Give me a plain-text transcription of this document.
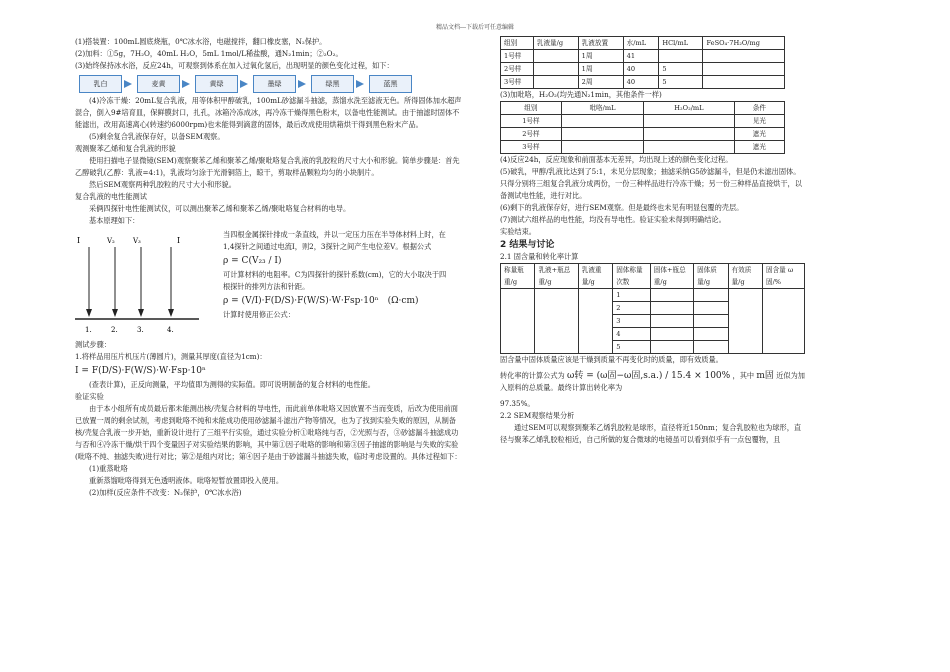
精品文档---下载后可任意编辑

(1)搭装置：100mL圆底烧瓶，0℃冰水浴，电磁搅拌，翻口橡皮塞，N₂保护。

(2)加料：①5g，7H₂O，40mL H₂O，5mL 1mol/L稀盐酸，通N₂1min；②₂O₂。

(3)始终保持冰水浴，反应24h，可观察到体系在加入过氧化氢后，出现明显的颜色变化过程，如下：

乳白	麦黄	黄绿	墨绿	绿黑	蓝黑

(4)冷冻干燥：20mL复合乳液，用等体积甲醇破乳，100mL砂滤漏斗抽滤，蒸馏水洗至滤液无色。所得固体加水超声混合，倒入9#培育皿，保鲜膜封口，扎孔，冰箱冷冻成冰，再冷冻干燥得黑色粉末，以备电性能测试。由于抽滤时固体不能滤出，改用高速离心(转速约6000rpm)也未能得到滴意的固体，最后改成使用烘箱烘干得到黑色粉末产品。

(5)剩余复合乳液保存好，以备SEM观察。

观测聚苯乙烯和复合乳液的形貌

使用扫描电子显微镜(SEM)观察聚苯乙烯和聚苯乙烯/聚吡咯复合乳液的乳胶粒的尺寸大小和形貌。简单步骤是：首先乙醇破乳(乙醇：乳液=4:1)，乳液均匀涂于光滑铜箔上，晾干，剪取样品颗粒均匀的小块制片。

然后SEM观察两种乳胶粒的尺寸大小和形貌。

复合乳液的电性能测试

采俩四探针电性能测试仪，可以测出聚苯乙烯和聚苯乙烯/聚吡咯复合材料的电导。

基本原理如下：

I	V₂	V₃	I
1.	2.	3.	4.

当四根金属探针排成一条直线，并以一定压力压在半导体材料上时，在1,4探针之间通过电流I，则2，3探针之间产生电位差V。根据公式

ρ = C(V₂₃ / I)

可计算材料的电阻率。C为四探针的探针系数(cm)，它的大小取决于四根探针的排列方法和针距。

ρ = (V/I)·F(D/S)·F(W/S)·W·Fsp·10ⁿ　(Ω·cm)

计算时使用修正公式：

测试步骤：

1.将样品用压片机压片(薄圆片)，测量其厚度(直径为1cm)：

I = F(D/S)·F(W/S)·W·Fsp·10ⁿ

(查表计算)，正反向测量，平均值即为测得的实际值。即可说明制备的复合材料的电性能。

验证实验

由于本小组所有成员最后都未能测出核/壳复合材料的导电性，而此前单体吡咯又因放置不当而变质，后改为使用前面已放置一周的剩余试剂，考虑到吡咯不纯和未能成功使用砂滤漏斗滤出产物等情况，也为了找到实验失败的原因，从制备核/壳复合乳液一步开始，重新设计进行了三组平行实验，通过实验分析①吡咯纯与否，②光照与否，③砂滤漏斗抽滤成功与否和④冷冻干燥/烘干四个变量因子对实验结果的影响，其中第①因子吡咯的影响和第③因子抽滤的影响是与失败的实验(吡咯不纯、抽滤失败)进行对比；第②是组内对比；第④因子是由于砂滤漏斗抽滤失败，临时考虑设置的。具体过程如下：

(1)重蒸吡咯

重新蒸馏吡咯得到无色透明液体。吡咯短暂放置即投入使用。

(2)加样(反应条件不改变：N₂保护，0℃冰水浴)

组别	乳液量/g	乳液放置	水/mL	HCl/mL	FeSO₄·7H₂O/mg
1号样		1周	41		
2号样		1周	40	5	
3号样		2周	40	5	

(3)加吡咯，H₂O₂(均先通N₂1min，其他条件一样)

组别	吡咯/mL	H₂O₂/mL	条件
1号样			见光
2号样			遮光
3号样			遮光

(4)反应24h，反应现象和前面基本无差异，均出现上述的颜色变化过程。

(5)破乳，甲醇/乳液比达到了5:1，未见分层现象；抽滤采纳G5砂滤漏斗，但是仍未滤出固体。只得分别将三组复合乳液分成两份，一份三种样品进行冷冻干燥；另一份三种样品直接烘干，以备测试电性能，进行对比。

(6)剩下的乳液保存好，进行SEM观察。但是最终也未见有明显包覆的壳层。

(7)测试六组样品的电性能，均没有导电性。验证实验未得到明确结论。

实验结束。

2 结果与讨论

2.1 固含量和转化率计算

称量瓶重/g	乳液+瓶总重/g	乳液重量/g	固体称量次数	固体+瓶总重/g	固体质量/g	有效质量/g	固含量 ω固/%
			1				
			2				
			3				
			4				
			5				

固含量中固体质量应该是干燥到质量不再变化时的质量，即有效质量。

转化率的计算公式为 ω转 = (ω固−ω固,s.a.) / 15.4 × 100% ，其中 m固 近似为加入原料的总质量。最终计算出转化率为

97.35%。

2.2 SEM观察结果分析

通过SEM可以观察到聚苯乙烯乳胶粒是球形，直径将近150nm；复合乳胶粒也为球形，直径与聚苯乙烯乳胶粒相近，自己所做的复合微球的电镜虽可以看到似乎有一点包覆物，且
